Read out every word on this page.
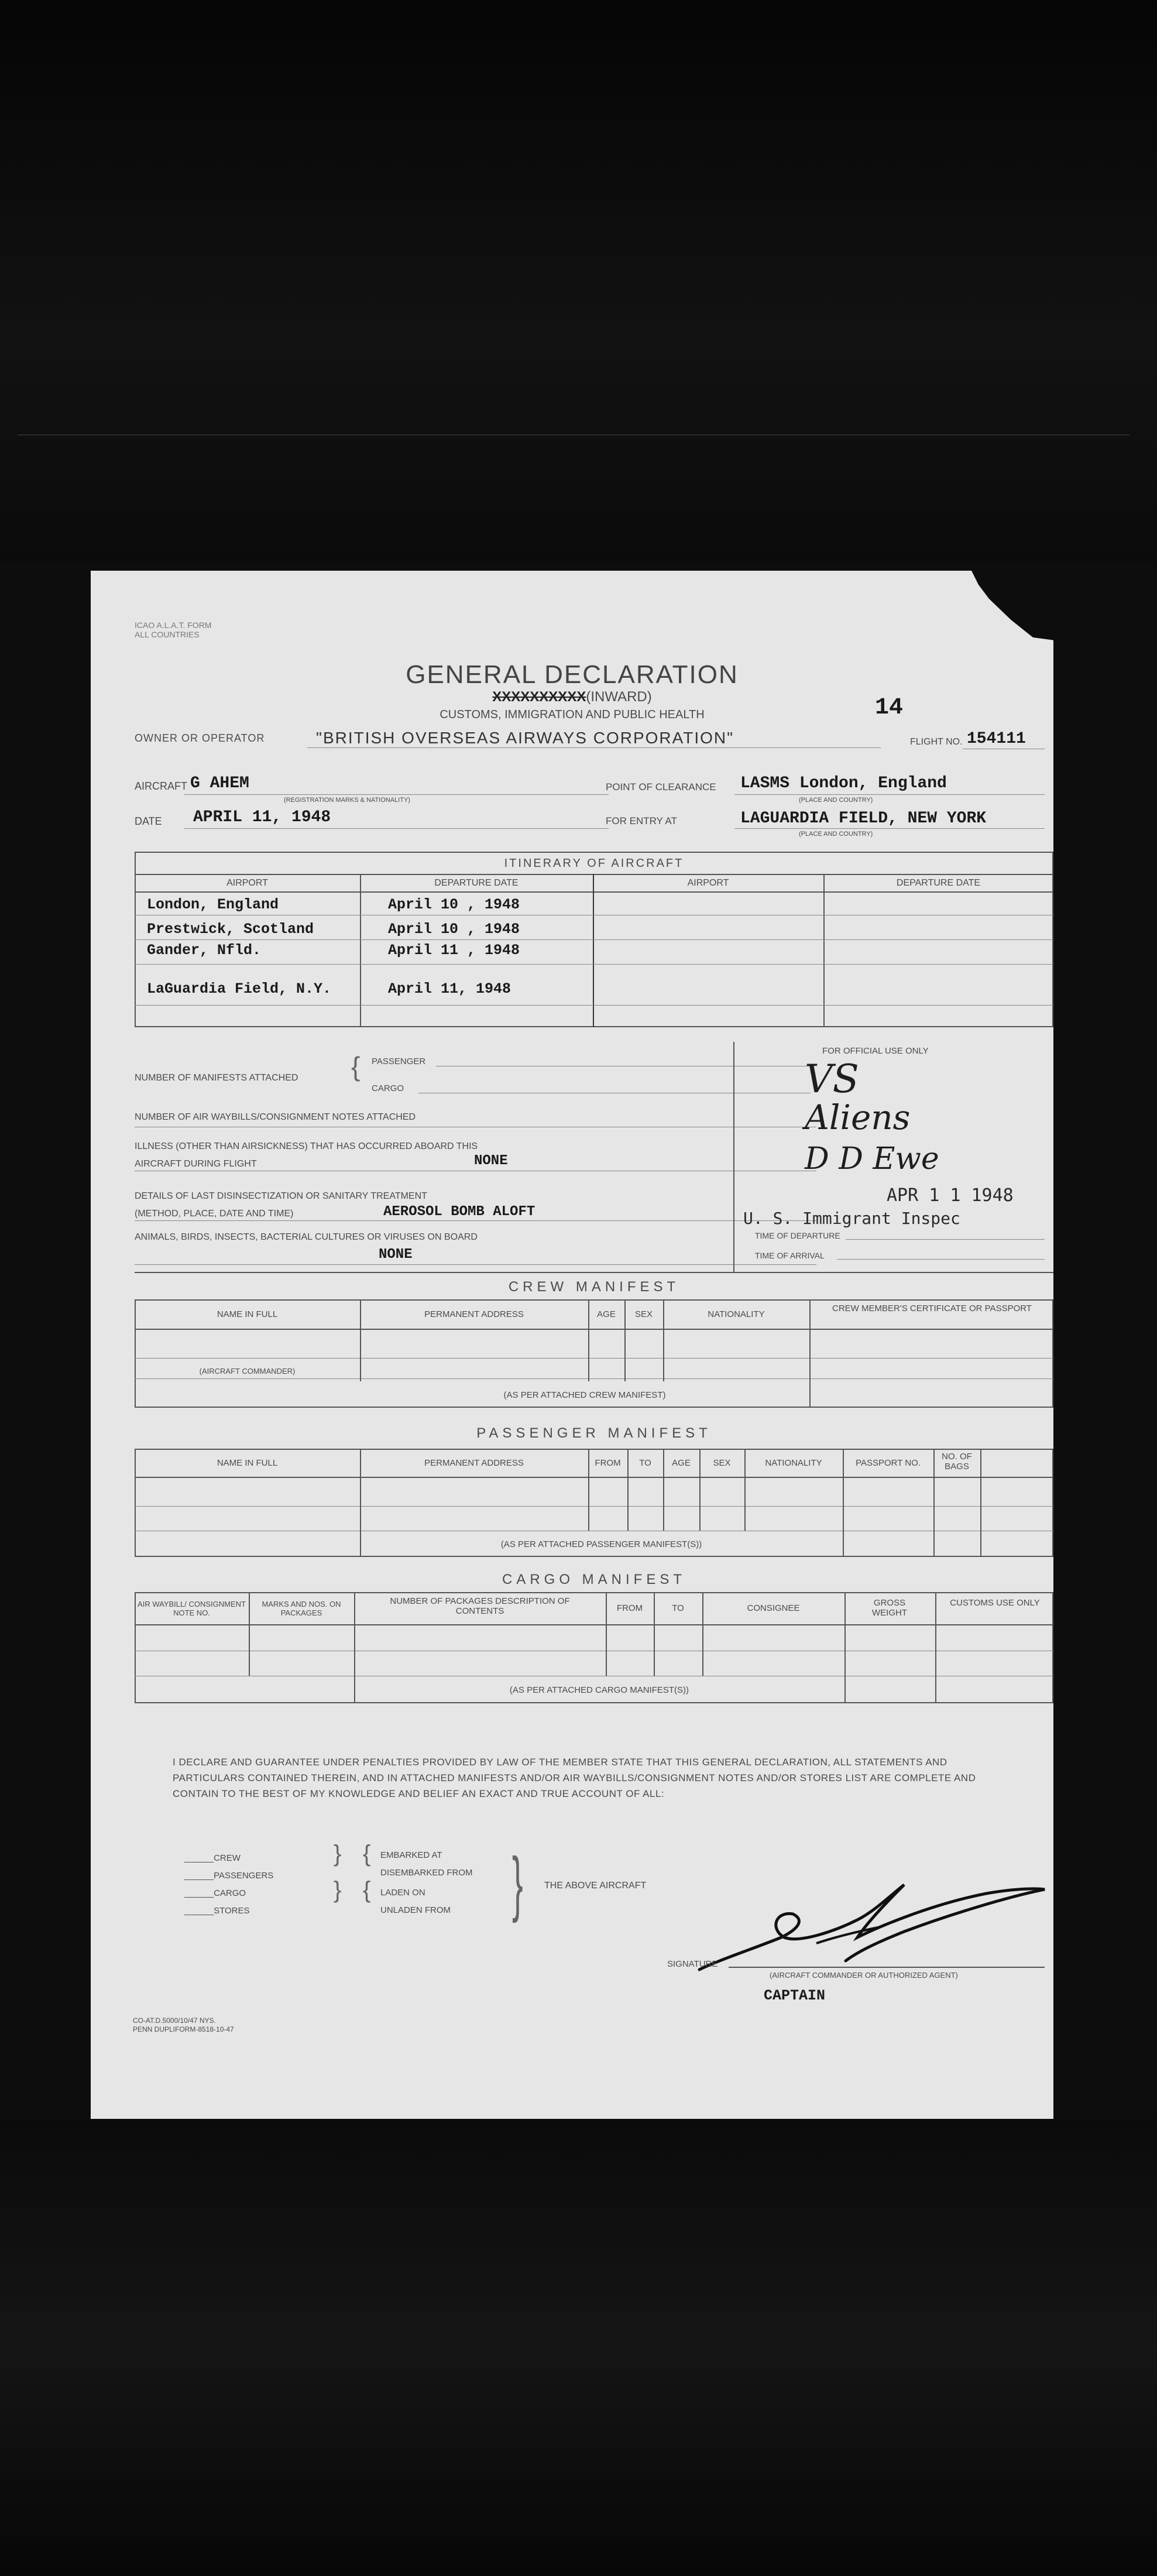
ICAO A.L.A.T. FORM
ALL COUNTRIES
GENERAL DECLARATION
XXXXXXXXXX(INWARD)
CUSTOMS, IMMIGRATION AND PUBLIC HEALTH	14
OWNER OR OPERATOR	"BRITISH OVERSEAS AIRWAYS CORPORATION"	FLIGHT NO. 154111
AIRCRAFT G AHEM
(REGISTRATION MARKS & NATIONALITY)
POINT OF CLEARANCE LASMS London, England
(PLACE AND COUNTRY)
DATE APRIL 11, 1948	FOR ENTRY AT	LAGUARDIA FIELD, NEW YORK
(PLACE AND COUNTRY)
ITINERARY OF AIRCRAFT
AIRPORT	DEPARTURE DATE	AIRPORT	DEPARTURE DATE
London, England	April 10 , 1948
Prestwick, Scotland	April 10 , 1948
Gander, Nfld.	April 11 , 1948
LaGuardia Field, N.Y.	April 11, 1948
NUMBER OF MANIFESTS ATTACHED { PASSENGER
CARGO
NUMBER OF AIR WAYBILLS/CONSIGNMENT NOTES ATTACHED
ILLNESS (OTHER THAN AIRSICKNESS) THAT HAS OCCURRED ABOARD THIS
AIRCRAFT DURING FLIGHT	NONE
DETAILS OF LAST DISINSECTIZATION OR SANITARY TREATMENT
(METHOD, PLACE, DATE AND TIME)	AEROSOL BOMB ALOFT
ANIMALS, BIRDS, INSECTS, BACTERIAL CULTURES OR VIRUSES ON BOARD
NONE
FOR OFFICIAL USE ONLY
VS
Aliens
D D Ewe
APR 1 1 1948
U. S. Immigrant Inspec
TIME OF DEPARTURE
TIME OF ARRIVAL
CREW MANIFEST
NAME IN FULL	PERMANENT ADDRESS	AGE	SEX	NATIONALITY
CREW MEMBER'S CERTIFICATE OR PASSPORT
(AIRCRAFT COMMANDER)
(AS PER ATTACHED CREW MANIFEST)
PASSENGER MANIFEST
NAME IN FULL	PERMANENT ADDRESS	FROM	TO	AGE	SEX	NATIONALITY	PASSPORT NO.
NO. OF BAGS
(AS PER ATTACHED PASSENGER MANIFEST(S))
CARGO MANIFEST
AIR WAYBILL/ CONSIGNMENT NOTE NO.
MARKS AND NOS. ON PACKAGES
NUMBER OF PACKAGES DESCRIPTION OF CONTENTS	FROM	TO	CONSIGNEE
GROSS WEIGHT
CUSTOMS USE ONLY
(AS PER ATTACHED CARGO MANIFEST(S))
I DECLARE AND GUARANTEE UNDER PENALTIES PROVIDED BY LAW OF THE MEMBER STATE THAT THIS GENERAL DECLARATION, ALL STATEMENTS AND PARTICULARS CONTAINED THEREIN, AND IN ATTACHED MANIFESTS AND/OR AIR WAYBILLS/CONSIGNMENT NOTES AND/OR STORES LIST ARE COMPLETE AND CONTAIN TO THE BEST OF MY KNOWLEDGE AND BELIEF AN EXACT AND TRUE ACCOUNT OF ALL:
______CREW
______PASSENGERS
______CARGO
______STORES
}
}
{
{
EMBARKED AT
DISEMBARKED FROM
LADEN ON
UNLADEN FROM	} THE ABOVE AIRCRAFT
SIGNATURE
(AIRCRAFT COMMANDER OR AUTHORIZED AGENT)
CAPTAIN
CO-AT.D.5000/10/47 NYS.
PENN DUPLIFORM-8518-10-47
